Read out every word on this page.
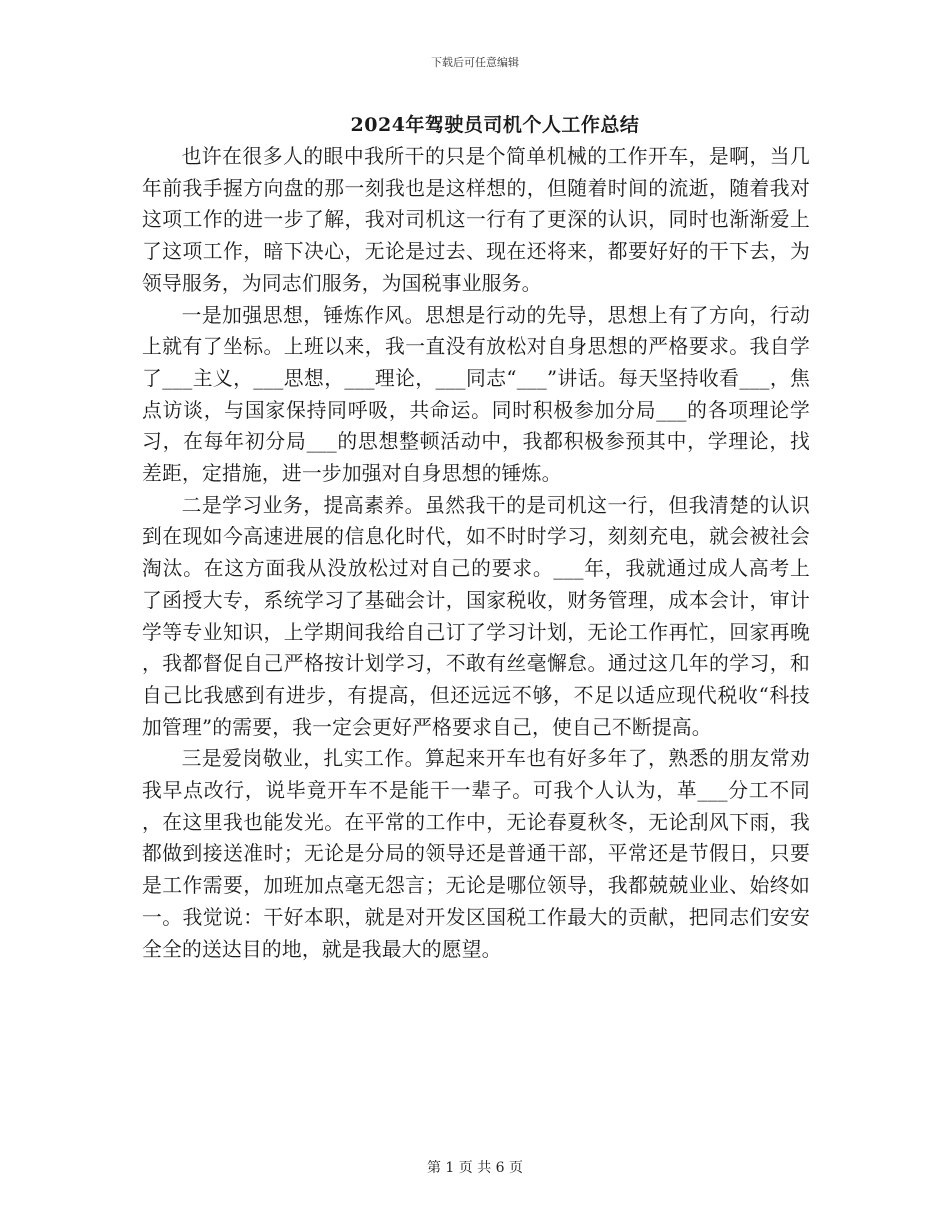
下载后可任意编辑
2024年驾驶员司机个人工作总结

也许在很多人的眼中我所干的只是个简单机械的工作开车，是啊，当几年前我手握方向盘的那一刻我也是这样想的，但随着时间的流逝，随着我对这项工作的进一步了解，我对司机这一行有了更深的认识，同时也渐渐爱上了这项工作，暗下决心，无论是过去、现在还将来，都要好好的干下去，为领导服务，为同志们服务，为国税事业服务。

一是加强思想，锤炼作风。思想是行动的先导，思想上有了方向，行动上就有了坐标。上班以来，我一直没有放松对自身思想的严格要求。我自学了___主义，___思想，___理论，___同志“___”讲话。每天坚持收看___，焦点访谈，与国家保持同呼吸，共命运。同时积极参加分局___的各项理论学习，在每年初分局___的思想整顿活动中，我都积极参预其中，学理论，找差距，定措施，进一步加强对自身思想的锤炼。

二是学习业务，提高素养。虽然我干的是司机这一行，但我清楚的认识到在现如今高速进展的信息化时代，如不时时学习，刻刻充电，就会被社会淘汰。在这方面我从没放松过对自己的要求。___年，我就通过成人高考上了函授大专，系统学习了基础会计，国家税收，财务管理，成本会计，审计学等专业知识，上学期间我给自己订了学习计划，无论工作再忙，回家再晚，我都督促自己严格按计划学习，不敢有丝毫懈怠。通过这几年的学习，和自己比我感到有进步，有提高，但还远远不够，不足以适应现代税收“科技加管理”的需要，我一定会更好严格要求自己，使自己不断提高。

三是爱岗敬业，扎实工作。算起来开车也有好多年了，熟悉的朋友常劝我早点改行，说毕竟开车不是能干一辈子。可我个人认为，革___分工不同，在这里我也能发光。在平常的工作中，无论春夏秋冬，无论刮风下雨，我都做到接送准时；无论是分局的领导还是普通干部，平常还是节假日，只要是工作需要，加班加点毫无怨言；无论是哪位领导，我都兢兢业业、始终如一。我觉说：干好本职，就是对开发区国税工作最大的贡献，把同志们安安全全的送达目的地，就是我最大的愿望。

第 1 页 共 6 页
